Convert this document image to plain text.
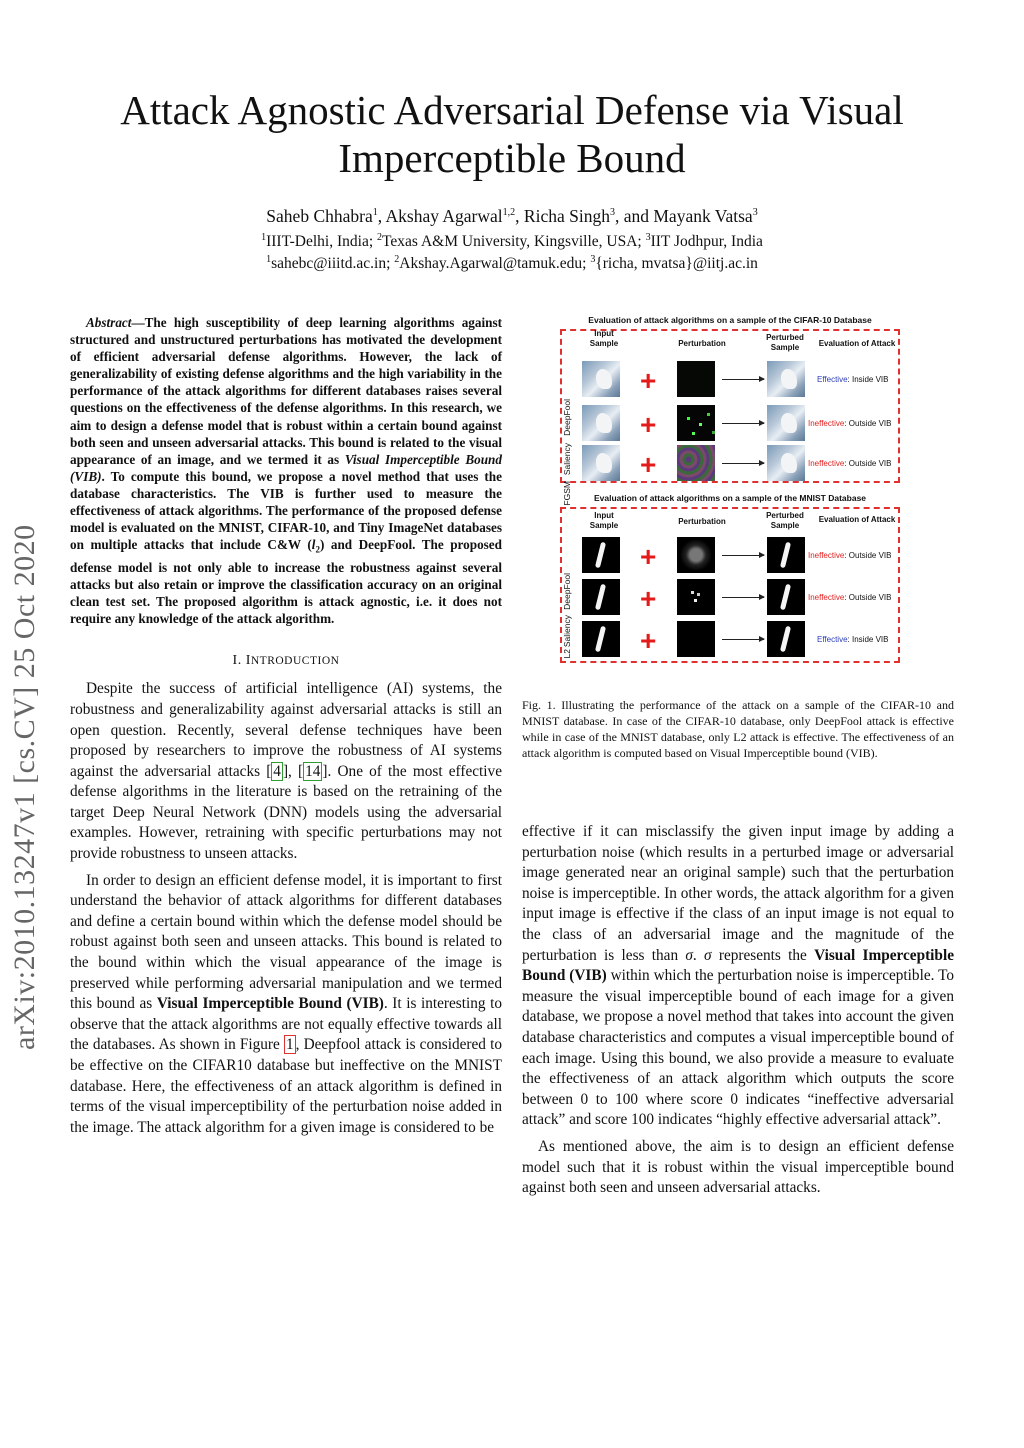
arXiv:2010.13247v1 [cs.CV] 25 Oct 2020
Attack Agnostic Adversarial Defense via Visual Imperceptible Bound
Saheb Chhabra$^1$, Akshay Agarwal$^{1,2}$, Richa Singh$^3$, and Mayank Vatsa$^3$
$^1$IIIT-Delhi, India; $^2$Texas A&M University, Kingsville, USA; $^3$IIT Jodhpur, India
$^1$sahebc@iiitd.ac.in; $^2$Akshay.Agarwal@tamuk.edu; $^3${richa, mvatsa}@iitj.ac.in

Abstract—The high susceptibility of deep learning algorithms against structured and unstructured perturbations has motivated the development of efficient adversarial defense algorithms. However, the lack of generalizability of existing defense algorithms and the high variability in the performance of the attack algorithms for different databases raises several questions on the effectiveness of the defense algorithms. In this research, we aim to design a defense model that is robust within a certain bound against both seen and unseen adversarial attacks. This bound is related to the visual appearance of an image, and we termed it as Visual Imperceptible Bound (VIB). To compute this bound, we propose a novel method that uses the database characteristics. The VIB is further used to measure the effectiveness of attack algorithms. The performance of the proposed defense model is evaluated on the MNIST, CIFAR-10, and Tiny ImageNet databases on multiple attacks that include C&W $(l_2)$ and DeepFool. The proposed defense model is not only able to increase the robustness against several attacks but also retain or improve the classification accuracy on an original clean test set. The proposed algorithm is attack agnostic, i.e. it does not require any knowledge of the attack algorithm.

I. INTRODUCTION

Despite the success of artificial intelligence (AI) systems, the robustness and generalizability against adversarial attacks is still an open question. Recently, several defense techniques have been proposed by researchers to improve the robustness of AI systems against the adversarial attacks [ 4 ], [ 14 ]. One of the most effective defense algorithms in the literature is based on the retraining of the target Deep Neural Network (DNN) models using the adversarial examples. However, retraining with specific perturbations may not provide robustness to unseen attacks.

In order to design an efficient defense model, it is important to first understand the behavior of attack algorithms for different databases and define a certain bound within which the defense model should be robust against both seen and unseen attacks. This bound is related to the bound within which the visual appearance of the image is preserved while performing adversarial manipulation and we termed this bound as Visual Imperceptible Bound (VIB). It is interesting to observe that the attack algorithms are not equally effective towards all the databases. As shown in Figure 1 , Deepfool attack is considered to be effective on the CIFAR10 database but ineffective on the MNIST database. Here, the effectiveness of an attack algorithm is defined in terms of the visual imperceptibility of the perturbation noise added in the image. The attack algorithm for a given image is considered to be

Evaluation of attack algorithms on a sample of the CIFAR-10 Database
Input
Sample	Perturbation
Perturbed
Sample	Evaluation of Attack
DeepFool
Saliency
FGSM
+	Effective: Inside VIB
+	Ineffective: Outside VIB
+	Ineffective: Outside VIB
Evaluation of attack algorithms on a sample of the MNIST Database
Input
Sample	Perturbation
Perturbed
Sample
Evaluation of Attack
DeepFool
Saliency
L2
+	Ineffective: Outside VIB
+	Ineffective: Outside VIB
+	Effective: Inside VIB
Fig. 1. Illustrating the performance of the attack on a sample of the CIFAR-10 and MNIST database. In case of the CIFAR-10 database, only DeepFool attack is effective while in case of the MNIST database, only L2 attack is effective. The effectiveness of an attack algorithm is computed based on Visual Imperceptible bound (VIB).

effective if it can misclassify the given input image by adding a perturbation noise (which results in a perturbed image or adversarial image generated near an original sample) such that the perturbation noise is imperceptible. In other words, the attack algorithm for a given input image is effective if the class of an input image is not equal to the class of an adversarial image and the magnitude of the perturbation is less than σ. σ represents the Visual Imperceptible Bound (VIB) within which the perturbation noise is imperceptible. To measure the visual imperceptible bound of each image for a given database, we propose a novel method that takes into account the given database characteristics and computes a visual imperceptible bound of each image. Using this bound, we also provide a measure to evaluate the effectiveness of an attack algorithm which outputs the score between 0 to 100 where score 0 indicates “ineffective adversarial attack” and score 100 indicates “highly effective adversarial attack”.

As mentioned above, the aim is to design an efficient defense model such that it is robust within the visual imperceptible bound against both seen and unseen adversarial attacks.
